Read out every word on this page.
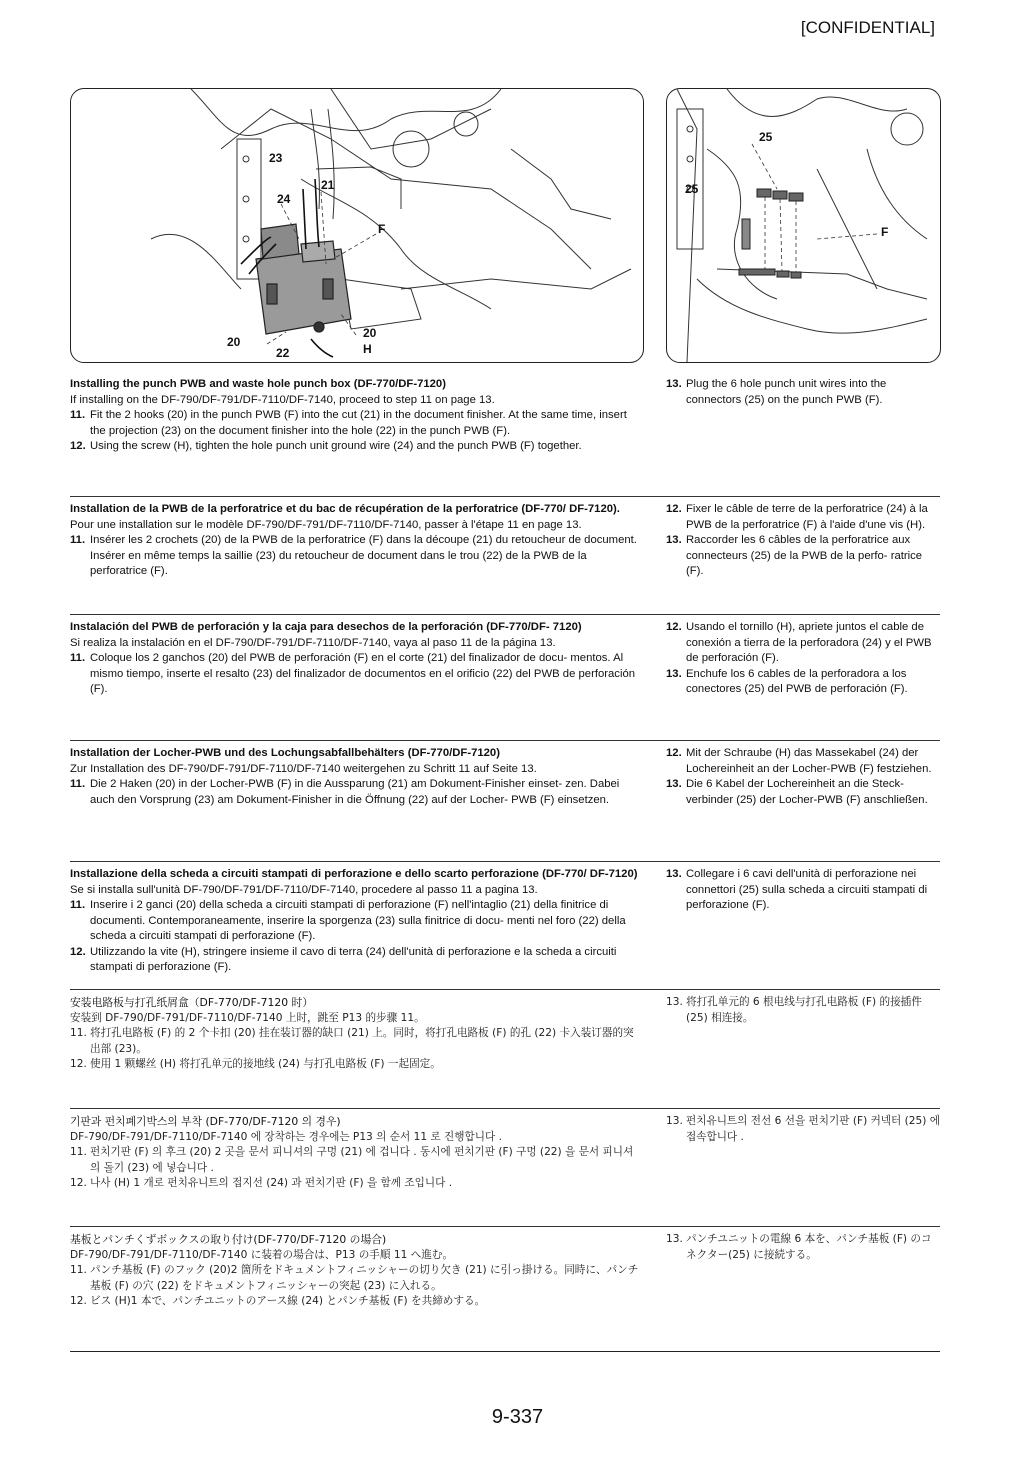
[CONFIDENTIAL]
23
21
24
F
20
22
20
H
25
25
F
Installing the punch PWB and waste hole punch box (DF-770/DF-7120)
If installing on the DF-790/DF-791/DF-7110/DF-7140, proceed to step 11 on page 13.
11. Fit the 2 hooks (20) in the punch PWB (F) into the cut (21) in the document finisher. At the same time, insert the projection (23) on the document finisher into the hole (22) in the punch PWB (F).
12. Using the screw (H), tighten the hole punch unit ground wire (24) and the punch PWB (F) together.
13. Plug the 6 hole punch unit wires into the connectors (25) on the punch PWB (F).
Installation de la PWB de la perforatrice et du bac de récupération de la perforatrice (DF-770/ DF-7120).
Pour une installation sur le modèle DF-790/DF-791/DF-7110/DF-7140, passer à l'étape 11 en page 13.
11. Insérer les 2 crochets (20) de la PWB de la perforatrice (F) dans la découpe (21) du retoucheur de document. Insérer en même temps la saillie (23) du retoucheur de document dans le trou (22) de la PWB de la perforatrice (F).
12. Fixer le câble de terre de la perforatrice (24) à la PWB de la perforatrice (F) à l'aide d'une vis (H).
13. Raccorder les 6 câbles de la perforatrice aux connecteurs (25) de la PWB de la perfo- ratrice (F).
Instalación del PWB de perforación y la caja para desechos de la perforación (DF-770/DF- 7120)
Si realiza la instalación en el DF-790/DF-791/DF-7110/DF-7140, vaya al paso 11 de la página 13.
11. Coloque los 2 ganchos (20) del PWB de perforación (F) en el corte (21) del finalizador de docu- mentos. Al mismo tiempo, inserte el resalto (23) del finalizador de documentos en el orificio (22) del PWB de perforación (F).
12. Usando el tornillo (H), apriete juntos el cable de conexión a tierra de la perforadora (24) y el PWB de perforación (F).
13. Enchufe los 6 cables de la perforadora a los conectores (25) del PWB de perforación (F).
Installation der Locher-PWB und des Lochungsabfallbehälters (DF-770/DF-7120)
Zur Installation des DF-790/DF-791/DF-7110/DF-7140 weitergehen zu Schritt 11 auf Seite 13.
11. Die 2 Haken (20) in der Locher-PWB (F) in die Aussparung (21) am Dokument-Finisher einset- zen. Dabei auch den Vorsprung (23) am Dokument-Finisher in die Öffnung (22) auf der Locher- PWB (F) einsetzen.
12. Mit der Schraube (H) das Massekabel (24) der Lochereinheit an der Locher-PWB (F) festziehen.
13. Die 6 Kabel der Lochereinheit an die Steck- verbinder (25) der Locher-PWB (F) anschließen.
Installazione della scheda a circuiti stampati di perforazione e dello scarto perforazione (DF-770/ DF-7120)
Se si installa sull'unità DF-790/DF-791/DF-7110/DF-7140, procedere al passo 11 a pagina 13.
11. Inserire i 2 ganci (20) della scheda a circuiti stampati di perforazione (F) nell'intaglio (21) della finitrice di documenti. Contemporaneamente, inserire la sporgenza (23) sulla finitrice di docu- menti nel foro (22) della scheda a circuiti stampati di perforazione (F).
12. Utilizzando la vite (H), stringere insieme il cavo di terra (24) dell'unità di perforazione e la scheda a circuiti stampati di perforazione (F).
13. Collegare i 6 cavi dell'unità di perforazione nei connettori (25) sulla scheda a circuiti stampati di perforazione (F).
安装电路板与打孔纸屑盒（DF-770/DF-7120 时）
安装到 DF-790/DF-791/DF-7110/DF-7140 上时，跳至 P13 的步骤 11。
11. 将打孔电路板 (F) 的 2 个卡扣 (20) 挂在装订器的缺口 (21) 上。同时，将打孔电路板 (F) 的孔 (22) 卡入装订器的突出部 (23)。
12. 使用 1 颗螺丝 (H) 将打孔单元的接地线 (24) 与打孔电路板 (F) 一起固定。
13. 将打孔单元的 6 根电线与打孔电路板 (F) 的接插件 (25) 相连接。
기판과 펀치폐기박스의 부착 (DF-770/DF-7120 의 경우)
DF-790/DF-791/DF-7110/DF-7140 에 장착하는 경우에는 P13 의 순서 11 로 진행합니다 .
11. 펀치기판 (F) 의 후크 (20) 2 곳을 문서 피니셔의 구멍 (21) 에 겁니다 . 동시에 펀치기판 (F) 구멍 (22) 을 문서 피니셔의 돌기 (23) 에 넣습니다 .
12. 나사 (H) 1 개로 펀치유니트의 접지선 (24) 과 펀치기판 (F) 을 함께 조입니다 .
13. 펀치유니트의 전선 6 선을 펀치기판 (F) 커넥터 (25) 에 접속합니다 .
基板とパンチくずボックスの取り付け(DF-770/DF-7120 の場合)
DF-790/DF-791/DF-7110/DF-7140 に装着の場合は、P13 の手順 11 へ進む。
11. パンチ基板 (F) のフック (20)2 箇所をドキュメントフィニッシャーの切り欠き (21) に引っ掛ける。同時に、パンチ基板 (F) の穴 (22) をドキュメントフィニッシャーの突起 (23) に入れる。
12. ビス (H)1 本で、パンチユニットのアース線 (24) とパンチ基板 (F) を共締めする。
13. パンチユニットの電線 6 本を、パンチ基板 (F) のコネクター(25) に接続する。
9-337
